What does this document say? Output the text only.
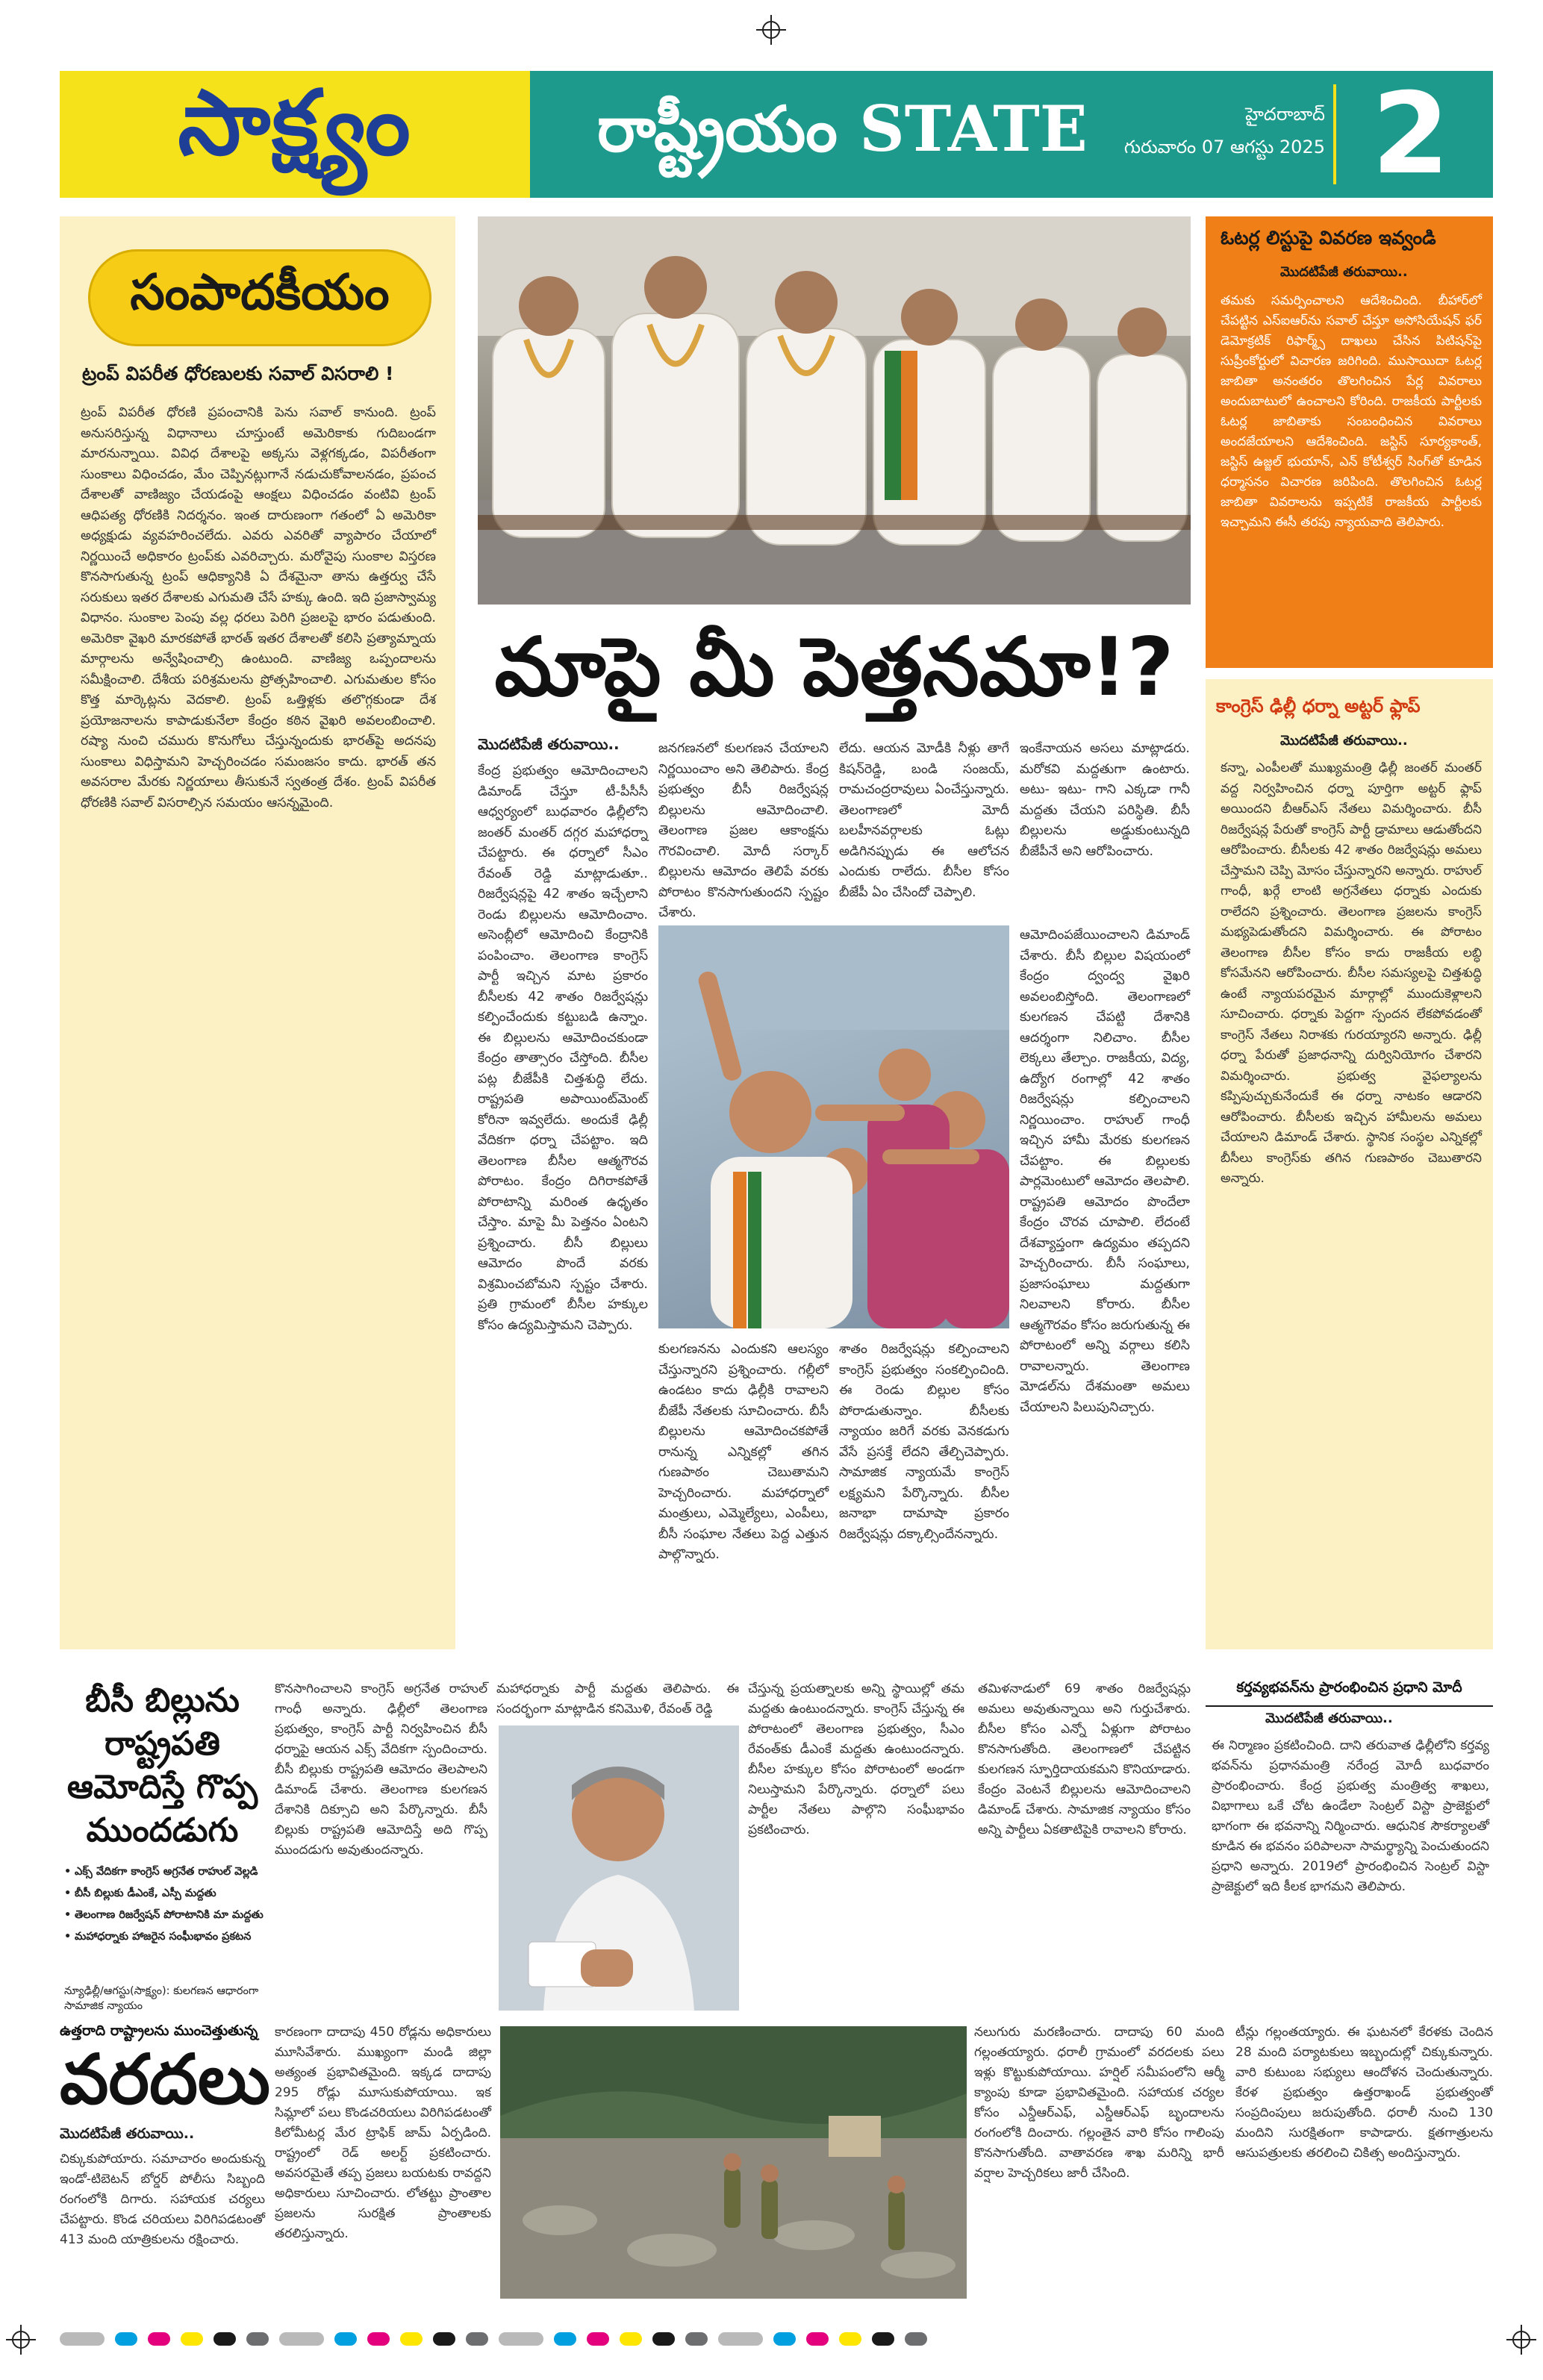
సాక్ష్యం	రాష్ట్రీయం STATE	హైదరాబాద్
గురువారం 07 ఆగస్టు 2025 2
సంపాదకీయం
ట్రంప్ విపరీత ధోరణులకు సవాల్ విసరాలి !
ట్రంప్ విపరీత ధోరణి ప్రపంచానికి పెను సవాల్ కానుంది. ట్రంప్ అనుసరిస్తున్న విధానాలు చూస్తుంటే అమెరికాకు గుదిబండగా మారనున్నాయి. వివిధ దేశాలపై అక్కసు వెళ్లగక్కడం, విపరీతంగా సుంకాలు విధించడం, మేం చెప్పినట్లుగానే నడుచుకోవాలనడం, ప్రపంచ దేశాలతో వాణిజ్యం చేయడంపై ఆంక్షలు విధించడం వంటివి ట్రంప్ ఆధిపత్య ధోరణికి నిదర్శనం. ఇంత దారుణంగా గతంలో ఏ అమెరికా అధ్యక్షుడు వ్యవహరించలేదు. ఎవరు ఎవరితో వ్యాపారం చేయాలో నిర్ణయించే అధికారం ట్రంప్‌కు ఎవరిచ్చారు. మరోవైపు సుంకాల విస్తరణ కొనసాగుతున్న ట్రంప్ ఆధిక్యానికి ఏ దేశమైనా తాను ఉత్తర్వు చేసే సరుకులు ఇతర దేశాలకు ఎగుమతి చేసే హక్కు ఉంది. ఇది ప్రజాస్వామ్య విధానం. సుంకాల పెంపు వల్ల ధరలు పెరిగి ప్రజలపై భారం పడుతుంది. అమెరికా వైఖరి మారకపోతే భారత్ ఇతర దేశాలతో కలిసి ప్రత్యామ్నాయ మార్గాలను అన్వేషించాల్సి ఉంటుంది. వాణిజ్య ఒప్పందాలను సమీక్షించాలి. దేశీయ పరిశ్రమలను ప్రోత్సహించాలి. ఎగుమతుల కోసం కొత్త మార్కెట్లను వెదకాలి. ట్రంప్ ఒత్తిళ్లకు తలొగ్గకుండా దేశ ప్రయోజనాలను కాపాడుకునేలా కేంద్రం కఠిన వైఖరి అవలంబించాలి. రష్యా నుంచి చమురు కొనుగోలు చేస్తున్నందుకు భారత్‌పై అదనపు సుంకాలు విధిస్తామని హెచ్చరించడం సమంజసం కాదు. భారత్ తన అవసరాల మేరకు నిర్ణయాలు తీసుకునే స్వతంత్ర దేశం. ట్రంప్ విపరీత ధోరణికి సవాల్ విసరాల్సిన సమయం ఆసన్నమైంది.
మాపై మీ పెత్తనమా!?
మొదటిపేజీ తరువాయి..
కేంద్ర ప్రభుత్వం ఆమోదించాలని డిమాండ్ చేస్తూ టీ-పీసీసీ ఆధ్వర్యంలో బుధవారం ఢిల్లీలోని జంతర్ మంతర్ దగ్గర మహాధర్నా చేపట్టారు. ఈ ధర్నాలో సీఎం రేవంత్ రెడ్డి మాట్లాడుతూ.. రిజర్వేషన్లపై 42 శాతం ఇచ్చేలాని రెండు బిల్లులను ఆమోదించాం. అసెంబ్లీలో ఆమోదించి కేంద్రానికి పంపించాం. తెలంగాణ కాంగ్రెస్ పార్టీ ఇచ్చిన మాట ప్రకారం బీసీలకు 42 శాతం రిజర్వేషన్లు కల్పించేందుకు కట్టుబడి ఉన్నాం. ఈ బిల్లులను ఆమోదించకుండా కేంద్రం తాత్సారం చేస్తోంది. బీసీల పట్ల బీజేపీకి చిత్తశుద్ధి లేదు. రాష్ట్రపతి అపాయింట్‌మెంట్ కోరినా ఇవ్వలేదు. అందుకే ఢిల్లీ వేదికగా ధర్నా చేపట్టాం. ఇది తెలంగాణ బీసీల ఆత్మగౌరవ పోరాటం. కేంద్రం దిగిరాకపోతే పోరాటాన్ని మరింత ఉధృతం చేస్తాం. మాపై మీ పెత్తనం ఏంటని ప్రశ్నించారు. బీసీ బిల్లులు ఆమోదం పొందే వరకు విశ్రమించబోమని స్పష్టం చేశారు. ప్రతి గ్రామంలో బీసీల హక్కుల కోసం ఉద్యమిస్తామని చెప్పారు.
జనగణనలో కులగణన చేయాలని నిర్ణయించాం అని తెలిపారు. కేంద్ర ప్రభుత్వం బీసీ రిజర్వేషన్ల బిల్లులను ఆమోదించాలి. తెలంగాణ ప్రజల ఆకాంక్షను గౌరవించాలి. మోదీ సర్కార్ బిల్లులను ఆమోదం తెలిపే వరకు పోరాటం కొనసాగుతుందని స్పష్టం చేశారు.
లేదు. ఆయన మోడీకి నీళ్లు తాగే కిషన్‌రెడ్డి, బండి సంజయ్, రామచంద్రరావులు ఏంచేస్తున్నారు. తెలంగాణలో మోదీ బలహీనవర్గాలకు ఓట్లు అడిగినప్పుడు ఈ ఆలోచన ఎందుకు రాలేదు. బీసీల కోసం బీజేపీ ఏం చేసిందో చెప్పాలి.
ఇంకేనాయన అసలు మాట్లాడరు. మరోకవి మద్దతుగా ఉంటారు. అటు- ఇటు- గాని ఎక్కడా గానీ మద్దతు చేయని పరిస్థితి. బీసీ బిల్లులను అడ్డుకుంటున్నది బీజేపీనే అని ఆరోపించారు.
కులగణనను ఎందుకని ఆలస్యం చేస్తున్నారని ప్రశ్నించారు. గల్లీలో ఉండటం కాదు ఢిల్లీకి రావాలని బీజేపీ నేతలకు సూచించారు. బీసీ బిల్లులను ఆమోదించకపోతే రానున్న ఎన్నికల్లో తగిన గుణపాఠం చెబుతామని హెచ్చరించారు. మహాధర్నాలో మంత్రులు, ఎమ్మెల్యేలు, ఎంపీలు, బీసీ సంఘాల నేతలు పెద్ద ఎత్తున పాల్గొన్నారు.
శాతం రిజర్వేషన్లు కల్పించాలని కాంగ్రెస్ ప్రభుత్వం సంకల్పించింది. ఈ రెండు బిల్లుల కోసం పోరాడుతున్నాం. బీసీలకు న్యాయం జరిగే వరకు వెనకడుగు వేసే ప్రసక్తే లేదని తేల్చిచెప్పారు. సామాజిక న్యాయమే కాంగ్రెస్ లక్ష్యమని పేర్కొన్నారు. బీసీల జనాభా దామాషా ప్రకారం రిజర్వేషన్లు దక్కాల్సిందేనన్నారు.
ఆమోదింపజేయించాలని డిమాండ్ చేశారు. బీసీ బిల్లుల విషయంలో కేంద్రం ద్వంద్వ వైఖరి అవలంబిస్తోంది. తెలంగాణలో కులగణన చేపట్టి దేశానికి ఆదర్శంగా నిలిచాం. బీసీల లెక్కలు తేల్చాం. రాజకీయ, విద్య, ఉద్యోగ రంగాల్లో 42 శాతం రిజర్వేషన్లు కల్పించాలని నిర్ణయించాం. రాహుల్ గాంధీ ఇచ్చిన హామీ మేరకు కులగణన చేపట్టాం. ఈ బిల్లులకు పార్లమెంటులో ఆమోదం తెలపాలి. రాష్ట్రపతి ఆమోదం పొందేలా కేంద్రం చొరవ చూపాలి. లేదంటే దేశవ్యాప్తంగా ఉద్యమం తప్పదని హెచ్చరించారు. బీసీ సంఘాలు, ప్రజాసంఘాలు మద్దతుగా నిలవాలని కోరారు. బీసీల ఆత్మగౌరవం కోసం జరుగుతున్న ఈ పోరాటంలో అన్ని వర్గాలు కలిసి రావాలన్నారు. తెలంగాణ మోడల్‌ను దేశమంతా అమలు చేయాలని పిలుపునిచ్చారు.
ఓటర్ల లిస్టుపై వివరణ ఇవ్వండి
మొదటిపేజీ తరువాయి..
తమకు సమర్పించాలని ఆదేశించింది. బీహార్‌లో చేపట్టిన ఎస్ఐఆర్‌ను సవాల్ చేస్తూ అసోసియేషన్ ఫర్ డెమోక్రటిక్ రిఫార్మ్స్ దాఖలు చేసిన పిటిషన్‌పై సుప్రీంకోర్టులో విచారణ జరిగింది. ముసాయిదా ఓటర్ల జాబితా అనంతరం తొలగించిన పేర్ల వివరాలు అందుబాటులో ఉంచాలని కోరింది. రాజకీయ పార్టీలకు ఓటర్ల జాబితాకు సంబంధించిన వివరాలు అందజేయాలని ఆదేశించింది. జస్టిస్ సూర్యకాంత్, జస్టిస్ ఉజ్జల్ భుయాన్, ఎన్ కోటీశ్వర్ సింగ్‌తో కూడిన ధర్మాసనం విచారణ జరిపింది. తొలగించిన ఓటర్ల జాబితా వివరాలను ఇప్పటికే రాజకీయ పార్టీలకు ఇచ్చామని ఈసీ తరపు న్యాయవాది తెలిపారు.
కాంగ్రెస్ ఢిల్లీ ధర్నా అట్టర్ ఫ్లాప్
మొదటిపేజీ తరువాయి..
కన్నా, ఎంపీలతో ముఖ్యమంత్రి ఢిల్లీ జంతర్ మంతర్ వద్ద నిర్వహించిన ధర్నా పూర్తిగా అట్టర్ ఫ్లాప్ అయిందని బీఆర్ఎస్ నేతలు విమర్శించారు. బీసీ రిజర్వేషన్ల పేరుతో కాంగ్రెస్ పార్టీ డ్రామాలు ఆడుతోందని ఆరోపించారు. బీసీలకు 42 శాతం రిజర్వేషన్లు అమలు చేస్తామని చెప్పి మోసం చేస్తున్నారని అన్నారు. రాహుల్ గాంధీ, ఖర్గే లాంటి అగ్రనేతలు ధర్నాకు ఎందుకు రాలేదని ప్రశ్నించారు. తెలంగాణ ప్రజలను కాంగ్రెస్ మభ్యపెడుతోందని విమర్శించారు. ఈ పోరాటం తెలంగాణ బీసీల కోసం కాదు రాజకీయ లబ్ధి కోసమేనని ఆరోపించారు. బీసీల సమస్యలపై చిత్తశుద్ధి ఉంటే న్యాయపరమైన మార్గాల్లో ముందుకెళ్లాలని సూచించారు. ధర్నాకు పెద్దగా స్పందన లేకపోవడంతో కాంగ్రెస్ నేతలు నిరాశకు గురయ్యారని అన్నారు. ఢిల్లీ ధర్నా పేరుతో ప్రజాధనాన్ని దుర్వినియోగం చేశారని విమర్శించారు. ప్రభుత్వ వైఫల్యాలను కప్పిపుచ్చుకునేందుకే ఈ ధర్నా నాటకం ఆడారని ఆరోపించారు. బీసీలకు ఇచ్చిన హామీలను అమలు చేయాలని డిమాండ్ చేశారు. స్థానిక సంస్థల ఎన్నికల్లో బీసీలు కాంగ్రెస్‌కు తగిన గుణపాఠం చెబుతారని అన్నారు.
బీసీ బిల్లును రాష్ట్రపతి ఆమోదిస్తే గొప్ప ముందడుగు
• ఎక్స్ వేదికగా కాంగ్రెస్ అగ్రనేత రాహుల్ వెల్లడి
• బీసీ బిల్లుకు డీఎంకే, ఎస్పీ మద్దతు
• తెలంగాణ రిజర్వేషన్ పోరాటానికి మా మద్దతు
• మహాధర్నాకు హాజరైన సంఘీభావం ప్రకటన
న్యూఢిల్లీ/ఆగస్టు(సాక్ష్యం): కులగణన ఆధారంగా సామాజిక న్యాయం
కొనసాగించాలని కాంగ్రెస్ అగ్రనేత రాహుల్ గాంధీ అన్నారు. ఢిల్లీలో తెలంగాణ ప్రభుత్వం, కాంగ్రెస్ పార్టీ నిర్వహించిన బీసీ ధర్నాపై ఆయన ఎక్స్ వేదికగా స్పందించారు. బీసీ బిల్లుకు రాష్ట్రపతి ఆమోదం తెలపాలని డిమాండ్ చేశారు. తెలంగాణ కులగణన దేశానికి దిక్సూచి అని పేర్కొన్నారు. బీసీ బిల్లుకు రాష్ట్రపతి ఆమోదిస్తే అది గొప్ప ముందడుగు అవుతుందన్నారు.
మహాధర్నాకు పార్టీ మద్దతు తెలిపారు. ఈ సందర్భంగా మాట్లాడిన కనిమొళి, రేవంత్ రెడ్డి
చేస్తున్న ప్రయత్నాలకు అన్ని స్థాయిల్లో తమ మద్దతు ఉంటుందన్నారు. కాంగ్రెస్ చేస్తున్న ఈ పోరాటంలో తెలంగాణ ప్రభుత్వం, సీఎం రేవంత్‌కు డీఎంకే మద్దతు ఉంటుందన్నారు. బీసీల హక్కుల కోసం పోరాటంలో అండగా నిలుస్తామని పేర్కొన్నారు. ధర్నాలో పలు పార్టీల నేతలు పాల్గొని సంఘీభావం ప్రకటించారు.
తమిళనాడులో 69 శాతం రిజర్వేషన్లు అమలు అవుతున్నాయి అని గుర్తుచేశారు. బీసీల కోసం ఎన్నో ఏళ్లుగా పోరాటం కొనసాగుతోంది. తెలంగాణలో చేపట్టిన కులగణన స్ఫూర్తిదాయకమని కొనియాడారు. కేంద్రం వెంటనే బిల్లులను ఆమోదించాలని డిమాండ్ చేశారు. సామాజిక న్యాయం కోసం అన్ని పార్టీలు ఏకతాటిపైకి రావాలని కోరారు.
కర్తవ్యభవన్‌ను ప్రారంభించిన ప్రధాని మోదీ
మొదటిపేజీ తరువాయి..
ఈ నిర్మాణం ప్రకటించింది. దాని తరువాత ఢిల్లీలోని కర్తవ్య భవన్‌ను ప్రధానమంత్రి నరేంద్ర మోదీ బుధవారం ప్రారంభించారు. కేంద్ర ప్రభుత్వ మంత్రిత్వ శాఖలు, విభాగాలు ఒకే చోట ఉండేలా సెంట్రల్ విస్టా ప్రాజెక్టులో భాగంగా ఈ భవనాన్ని నిర్మించారు. ఆధునిక సౌకర్యాలతో కూడిన ఈ భవనం పరిపాలనా సామర్థ్యాన్ని పెంచుతుందని ప్రధాని అన్నారు. 2019లో ప్రారంభించిన సెంట్రల్ విస్టా ప్రాజెక్టులో ఇది కీలక భాగమని తెలిపారు.
ఉత్తరాది రాష్ట్రాలను ముంచెత్తుతున్న
వరదలు
మొదటిపేజీ తరువాయి..
చిక్కుకుపోయారు. సమాచారం అందుకున్న ఇండో-టిబెటన్ బోర్డర్ పోలీసు సిబ్బంది రంగంలోకి దిగారు. సహాయక చర్యలు చేపట్టారు. కొండ చరియలు విరిగిపడటంతో 413 మంది యాత్రికులను రక్షించారు.
కారణంగా దాదాపు 450 రోడ్లను అధికారులు మూసివేశారు. ముఖ్యంగా మండి జిల్లా అత్యంత ప్రభావితమైంది. ఇక్కడ దాదాపు 295 రోడ్లు మూసుకుపోయాయి. ఇక సిమ్లాలో పలు కొండచరియలు విరిగిపడటంతో కిలోమీటర్ల మేర ట్రాఫిక్ జామ్ ఏర్పడింది. రాష్ట్రంలో రెడ్ అలర్ట్ ప్రకటించారు. అవసరమైతే తప్ప ప్రజలు బయటకు రావద్దని అధికారులు సూచించారు. లోతట్టు ప్రాంతాల ప్రజలను సురక్షిత ప్రాంతాలకు తరలిస్తున్నారు.
నలుగురు మరణించారు. దాదాపు 60 మంది గల్లంతయ్యారు. ధరాలీ గ్రామంలో వరదలకు పలు ఇళ్లు కొట్టుకుపోయాయి. హర్షిల్ సమీపంలోని ఆర్మీ క్యాంపు కూడా ప్రభావితమైంది. సహాయక చర్యల కోసం ఎన్డీఆర్ఎఫ్, ఎస్డీఆర్ఎఫ్ బృందాలను రంగంలోకి దించారు. గల్లంతైన వారి కోసం గాలింపు కొనసాగుతోంది. వాతావరణ శాఖ మరిన్ని భారీ వర్షాల హెచ్చరికలు జారీ చేసింది.
టీన్లు గల్లంతయ్యారు. ఈ ఘటనలో కేరళకు చెందిన 28 మంది పర్యాటకులు ఇబ్బందుల్లో చిక్కుకున్నారు. వారి కుటుంబ సభ్యులు ఆందోళన చెందుతున్నారు. కేరళ ప్రభుత్వం ఉత్తరాఖండ్ ప్రభుత్వంతో సంప్రదింపులు జరుపుతోంది. ధరాలీ నుంచి 130 మందిని సురక్షితంగా కాపాడారు. క్షతగాత్రులను ఆసుపత్రులకు తరలించి చికిత్స అందిస్తున్నారు.
